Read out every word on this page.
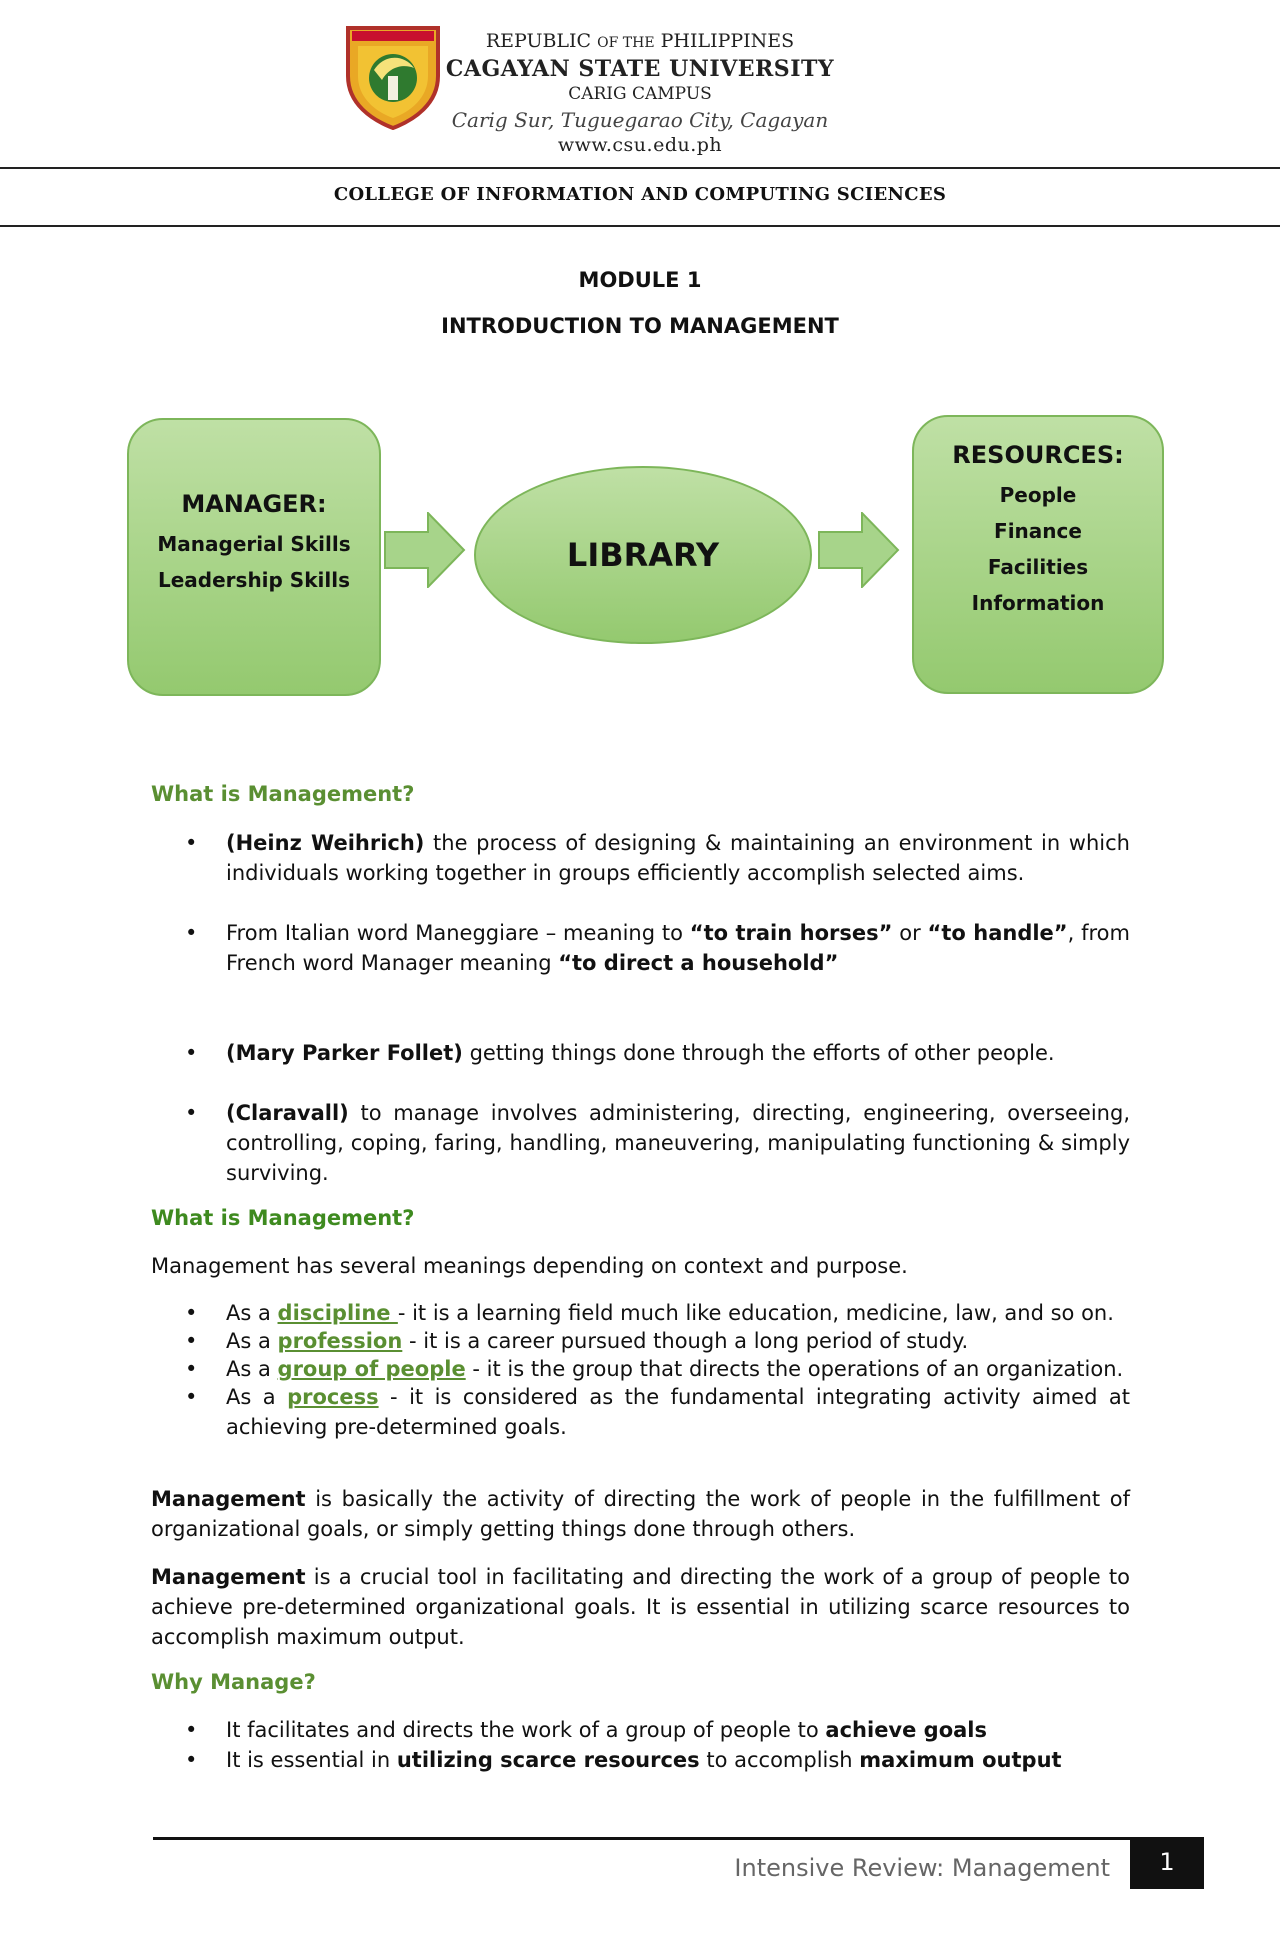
REPUBLIC OF THE PHILIPPINES
CAGAYAN STATE UNIVERSITY
CARIG CAMPUS
Carig Sur, Tuguegarao City, Cagayan
www.csu.edu.ph
COLLEGE OF INFORMATION AND COMPUTING SCIENCES
MODULE 1
INTRODUCTION TO MANAGEMENT
MANAGER:
Managerial Skills
Leadership Skills
LIBRARY
RESOURCES:
People
Finance
Facilities
Information
What is Management?
•	(Heinz Weihrich) the process of designing & maintaining an environment in which individuals working together in groups efficiently accomplish selected aims.
•	From Italian word Maneggiare – meaning to “to train horses” or “to handle”, from French word Manager meaning “to direct a household”
•	(Mary Parker Follet) getting things done through the efforts of other people.
•	(Claravall) to manage involves administering, directing, engineering, overseeing, controlling, coping, faring, handling, maneuvering, manipulating functioning & simply surviving.
What is Management?
Management has several meanings depending on context and purpose.
•	As a discipline - it is a learning field much like education, medicine, law, and so on.
•	As a profession - it is a career pursued though a long period of study.
•	As a group of people - it is the group that directs the operations of an organization.
•	As a process - it is considered as the fundamental integrating activity aimed at achieving pre-determined goals.
Management is basically the activity of directing the work of people in the fulfillment of organizational goals, or simply getting things done through others.
Management is a crucial tool in facilitating and directing the work of a group of people to achieve pre-determined organizational goals. It is essential in utilizing scarce resources to accomplish maximum output.
Why Manage?
•	It facilitates and directs the work of a group of people to achieve goals
•	It is essential in utilizing scarce resources to accomplish maximum output
Intensive Review: Management	1
